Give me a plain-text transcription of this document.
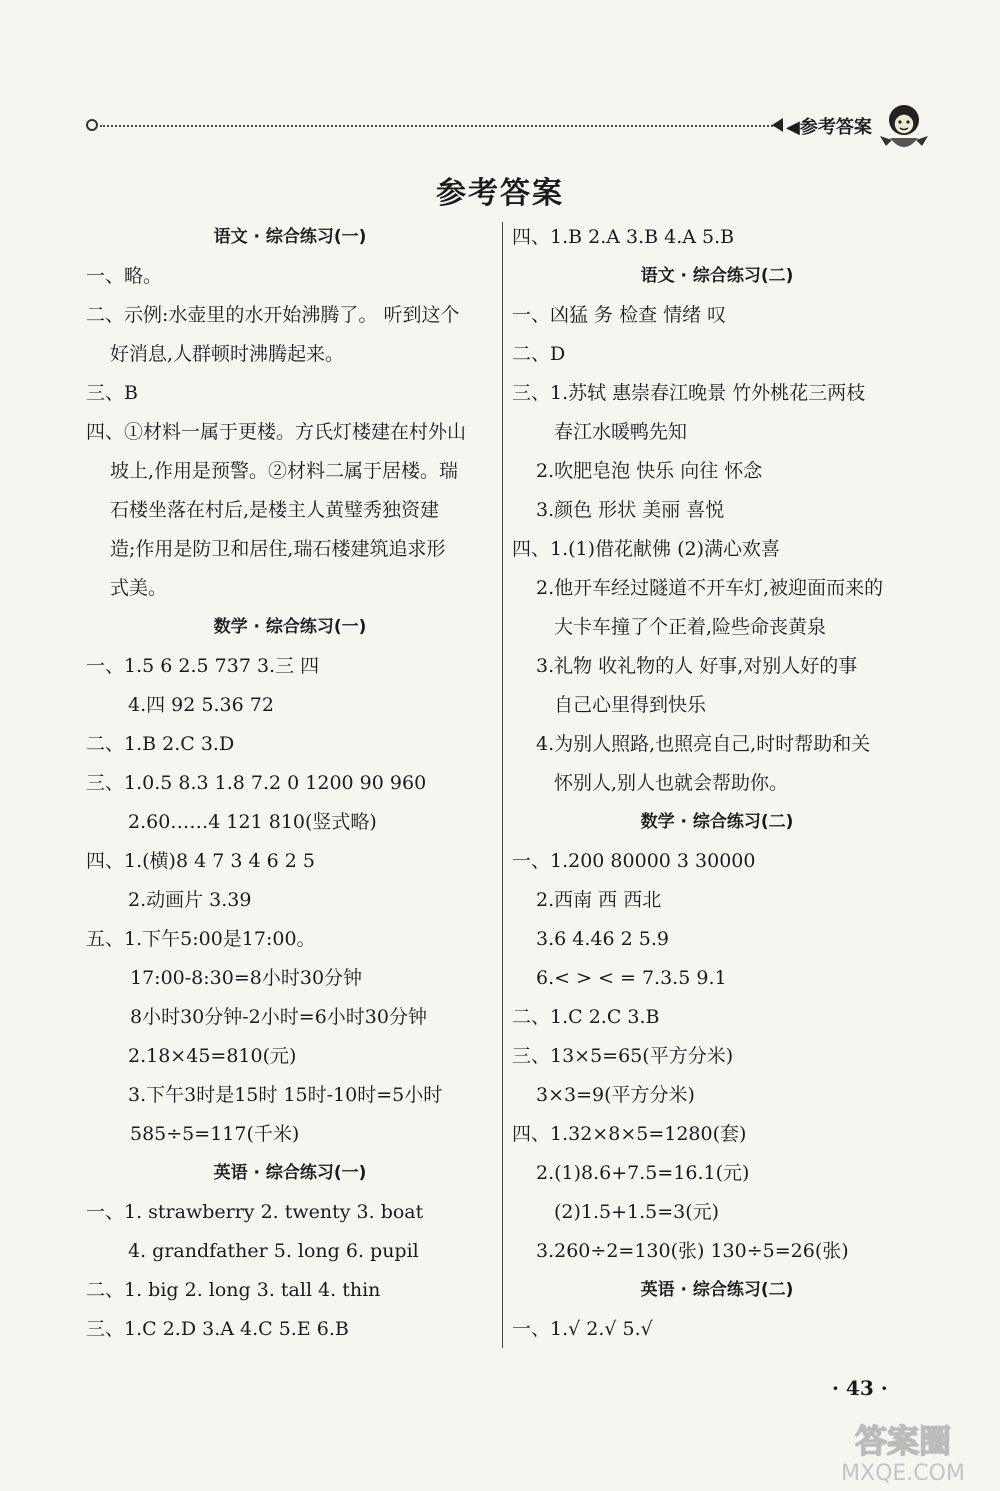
◀参考答案
参考答案
语文 · 综合练习(一)
一、略。
二、示例:水壶里的水开始沸腾了。 听到这个
好消息,人群顿时沸腾起来。
三、B
四、①材料一属于更楼。方氏灯楼建在村外山
坡上,作用是预警。②材料二属于居楼。瑞
石楼坐落在村后,是楼主人黄璧秀独资建
造;作用是防卫和居住,瑞石楼建筑追求形
式美。
数学 · 综合练习(一)
一、1.5 6 2.5 737 3.三 四
4.四 92 5.36 72
二、1.B 2.C 3.D
三、1.0.5 8.3 1.8 7.2 0 1200 90 960
2.60……4 121 810(竖式略)
四、1.(横)8 4 7 3 4 6 2 5
2.动画片 3.39
五、1.下午5:00是17:00。
17:00-8:30=8小时30分钟
8小时30分钟-2小时=6小时30分钟
2.18×45=810(元)
3.下午3时是15时 15时-10时=5小时
585÷5=117(千米)
英语 · 综合练习(一)
一、1. strawberry 2. twenty 3. boat
4. grandfather 5. long 6. pupil
二、1. big 2. long 3. tall 4. thin
三、1.C 2.D 3.A 4.C 5.E 6.B
四、1.B 2.A 3.B 4.A 5.B
语文 · 综合练习(二)
一、凶猛 务 检查 情绪 叹
二、D
三、1.苏轼 惠崇春江晚景 竹外桃花三两枝
春江水暖鸭先知
2.吹肥皂泡 快乐 向往 怀念
3.颜色 形状 美丽 喜悦
四、1.(1)借花献佛 (2)满心欢喜
2.他开车经过隧道不开车灯,被迎面而来的
大卡车撞了个正着,险些命丧黄泉
3.礼物 收礼物的人 好事,对别人好的事
自己心里得到快乐
4.为别人照路,也照亮自己,时时帮助和关
怀别人,别人也就会帮助你。
数学 · 综合练习(二)
一、1.200 80000 3 30000
2.西南 西 西北
3.6 4.46 2 5.9
6.< > < = 7.3.5 9.1
二、1.C 2.C 3.B
三、13×5=65(平方分米)
3×3=9(平方分米)
四、1.32×8×5=1280(套)
2.(1)8.6+7.5=16.1(元)
(2)1.5+1.5=3(元)
3.260÷2=130(张) 130÷5=26(张)
英语 · 综合练习(二)
一、1.√ 2.√ 5.√
· 43 ·
答案圈
MXQE.COM
